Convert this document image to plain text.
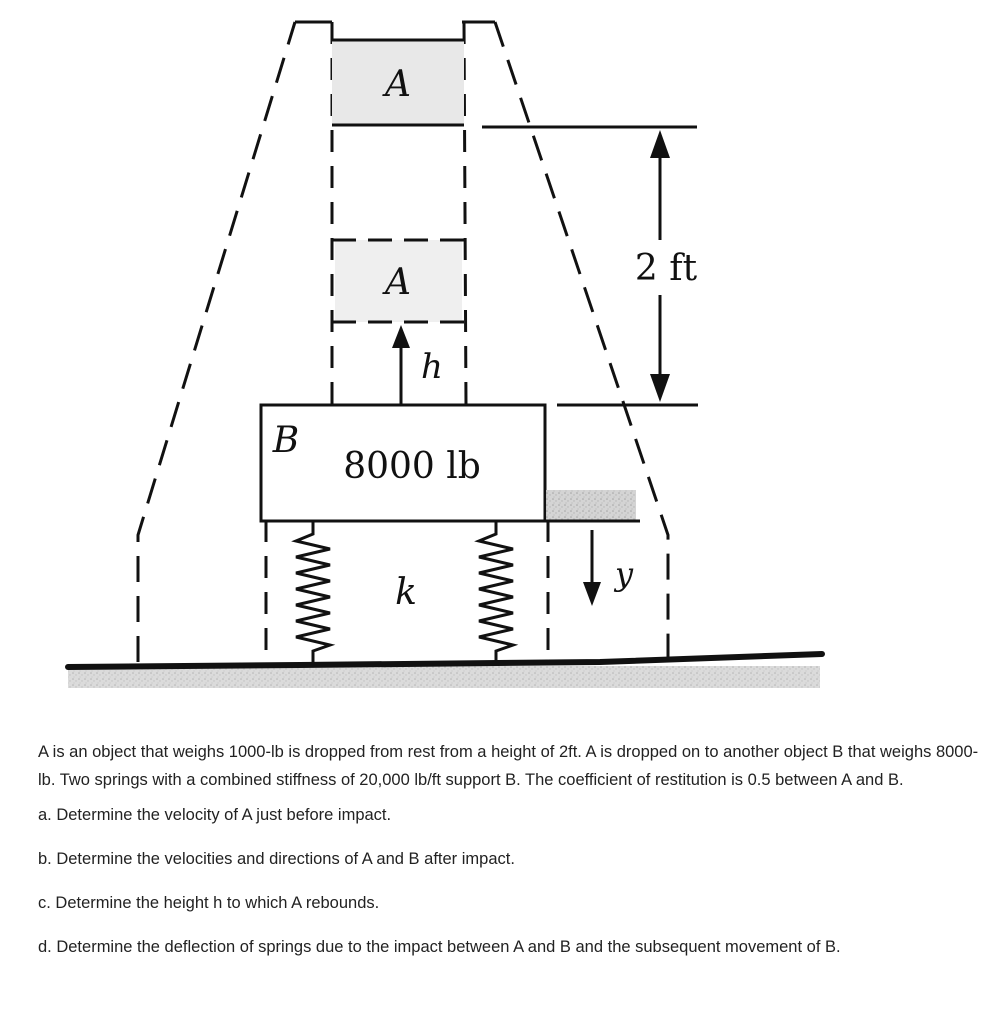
A
A
h
2 ft
B
8000 lb
k	y

A is an object that weighs 1000-lb is dropped from rest from a height of 2ft. A is dropped on to another object B that weighs 8000-lb. Two springs with a combined stiffness of 20,000 lb/ft support B. The coefficient of restitution is 0.5 between A and B.

a. Determine the velocity of A just before impact.

b. Determine the velocities and directions of A and B after impact.

c. Determine the height h to which A rebounds.

d. Determine the deflection of springs due to the impact between A and B and the subsequent movement of B.
